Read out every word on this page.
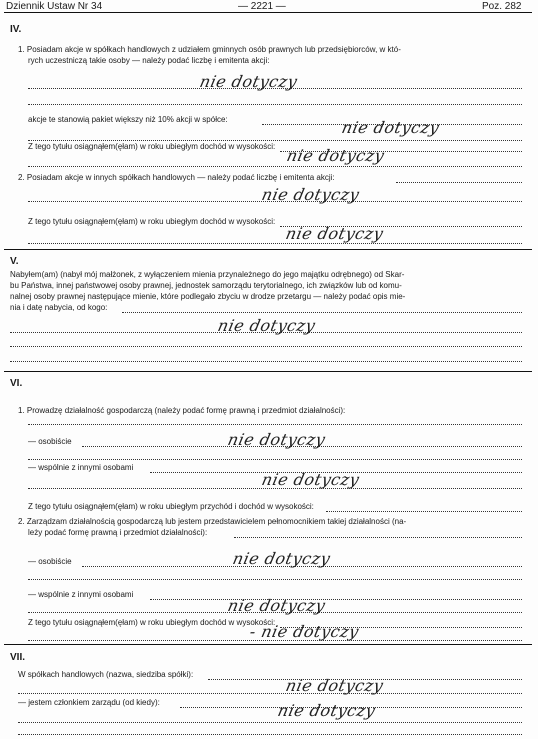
Dziennik Ustaw Nr 34	— 2221 —	Poz. 282
IV.
1. Posiadam akcje w spółkach handlowych z udziałem gminnych osób prawnych lub przedsiębiorców, w któ-
rych uczestniczą takie osoby — należy podać liczbę i emitenta akcji:
nie dotyczy
akcje te stanowią pakiet większy niż 10% akcji w spółce:	nie dotyczy
Z tego tytułu osiągnąłem(ęłam) w roku ubiegłym dochód w wysokości: nie dotyczy
2. Posiadam akcje w innych spółkach handlowych — należy podać liczbę i emitenta akcji:
nie dotyczy
Z tego tytułu osiągnąłem(ęłam) w roku ubiegłym dochód w wysokości:
nie dotyczy
V.
Nabyłem(am) (nabył mój małżonek, z wyłączeniem mienia przynależnego do jego majątku odrębnego) od Skar-
bu Państwa, innej państwowej osoby prawnej, jednostek samorządu terytorialnego, ich związków lub od komu-
nalnej osoby prawnej następujące mienie, które podlegało zbyciu w drodze przetargu — należy podać opis mie-
nia i datę nabycia, od kogo:
nie dotyczy
VI.
1. Prowadzę działalność gospodarczą (należy podać formę prawną i przedmiot działalności):
— osobiście	nie dotyczy
— wspólnie z innymi osobami
nie dotyczy
Z tego tytułu osiągnąłem(ęłam) w roku ubiegłym przychód i dochód w wysokości:
2. Zarządzam działalnością gospodarczą lub jestem przedstawicielem pełnomocnikiem takiej działalności (na-
leży podać formę prawną i przedmiot działalności):
— osobiście	nie dotyczy
— wspólnie z innymi osobami
nie dotyczy
Z tego tytułu osiągnąłem(ęłam) w roku ubiegłym dochód w wysokości:
- nie dotyczy
VII.
W spółkach handlowych (nazwa, siedziba spółki):
nie dotyczy
— jestem członkiem zarządu (od kiedy):	nie dotyczy
